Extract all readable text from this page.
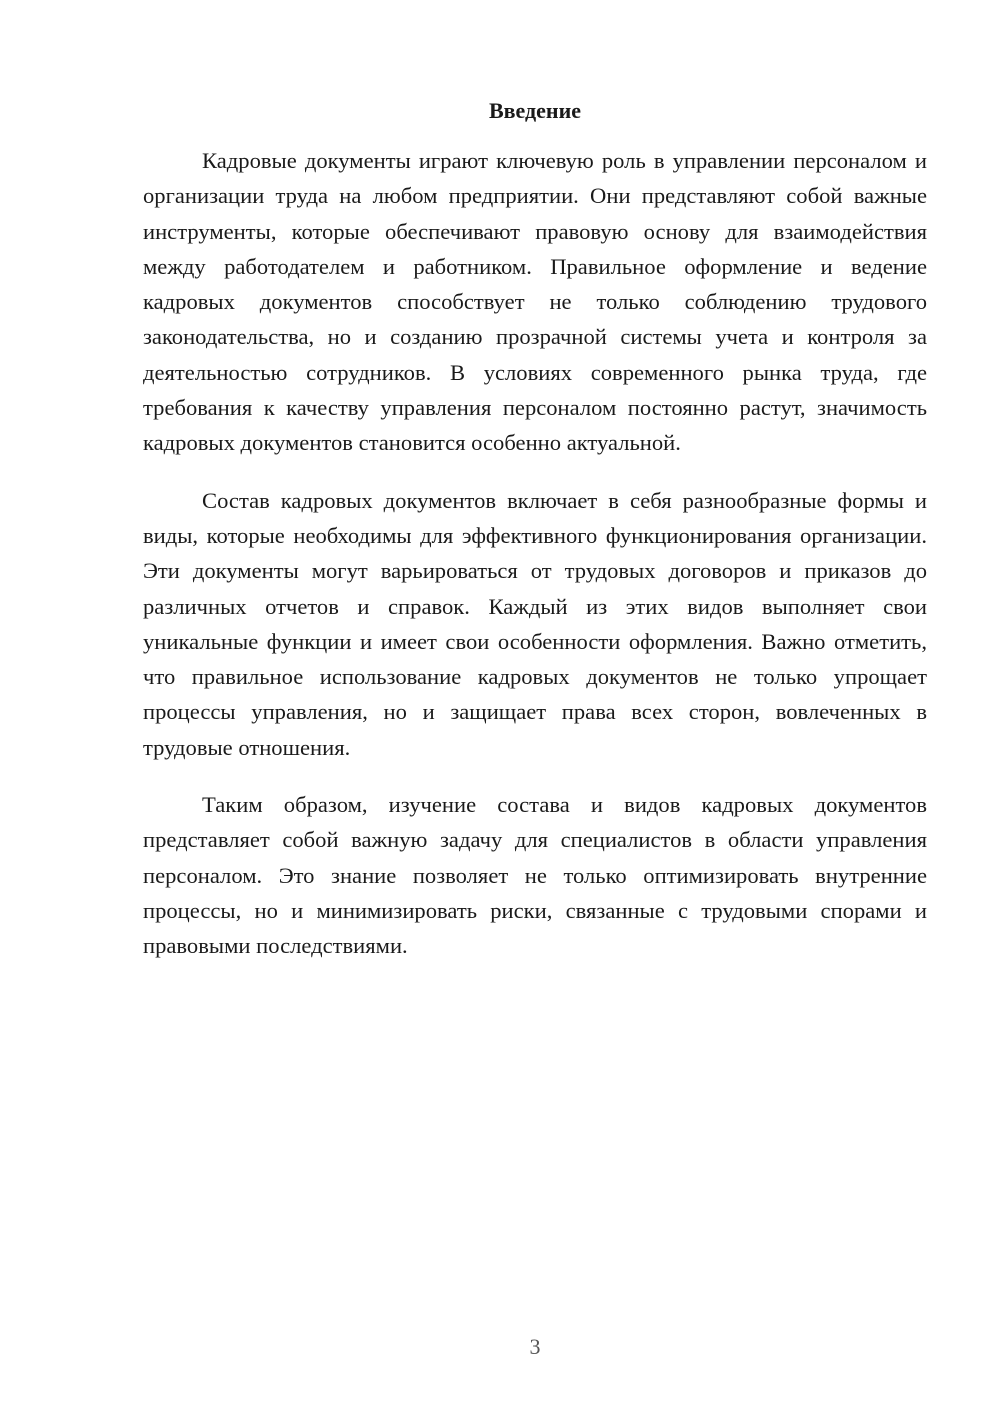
Введение

Кадровые документы играют ключевую роль в управлении персоналом и организации труда на любом предприятии. Они представляют собой важные инструменты, которые обеспечивают правовую основу для взаимодействия между работодателем и работником. Правильное оформление и ведение кадровых документов способствует не только соблюдению трудового законодательства, но и созданию прозрачной системы учета и контроля за деятельностью сотрудников. В условиях современного рынка труда, где требования к качеству управления персоналом постоянно растут, значимость кадровых документов становится особенно актуальной.

Состав кадровых документов включает в себя разнообразные формы и виды, которые необходимы для эффективного функционирования организации. Эти документы могут варьироваться от трудовых договоров и приказов до различных отчетов и справок. Каждый из этих видов выполняет свои уникальные функции и имеет свои особенности оформления. Важно отметить, что правильное использование кадровых документов не только упрощает процессы управления, но и защищает права всех сторон, вовлеченных в трудовые отношения.

Таким образом, изучение состава и видов кадровых документов представляет собой важную задачу для специалистов в области управления персоналом. Это знание позволяет не только оптимизировать внутренние процессы, но и минимизировать риски, связанные с трудовыми спорами и правовыми последствиями.

3
